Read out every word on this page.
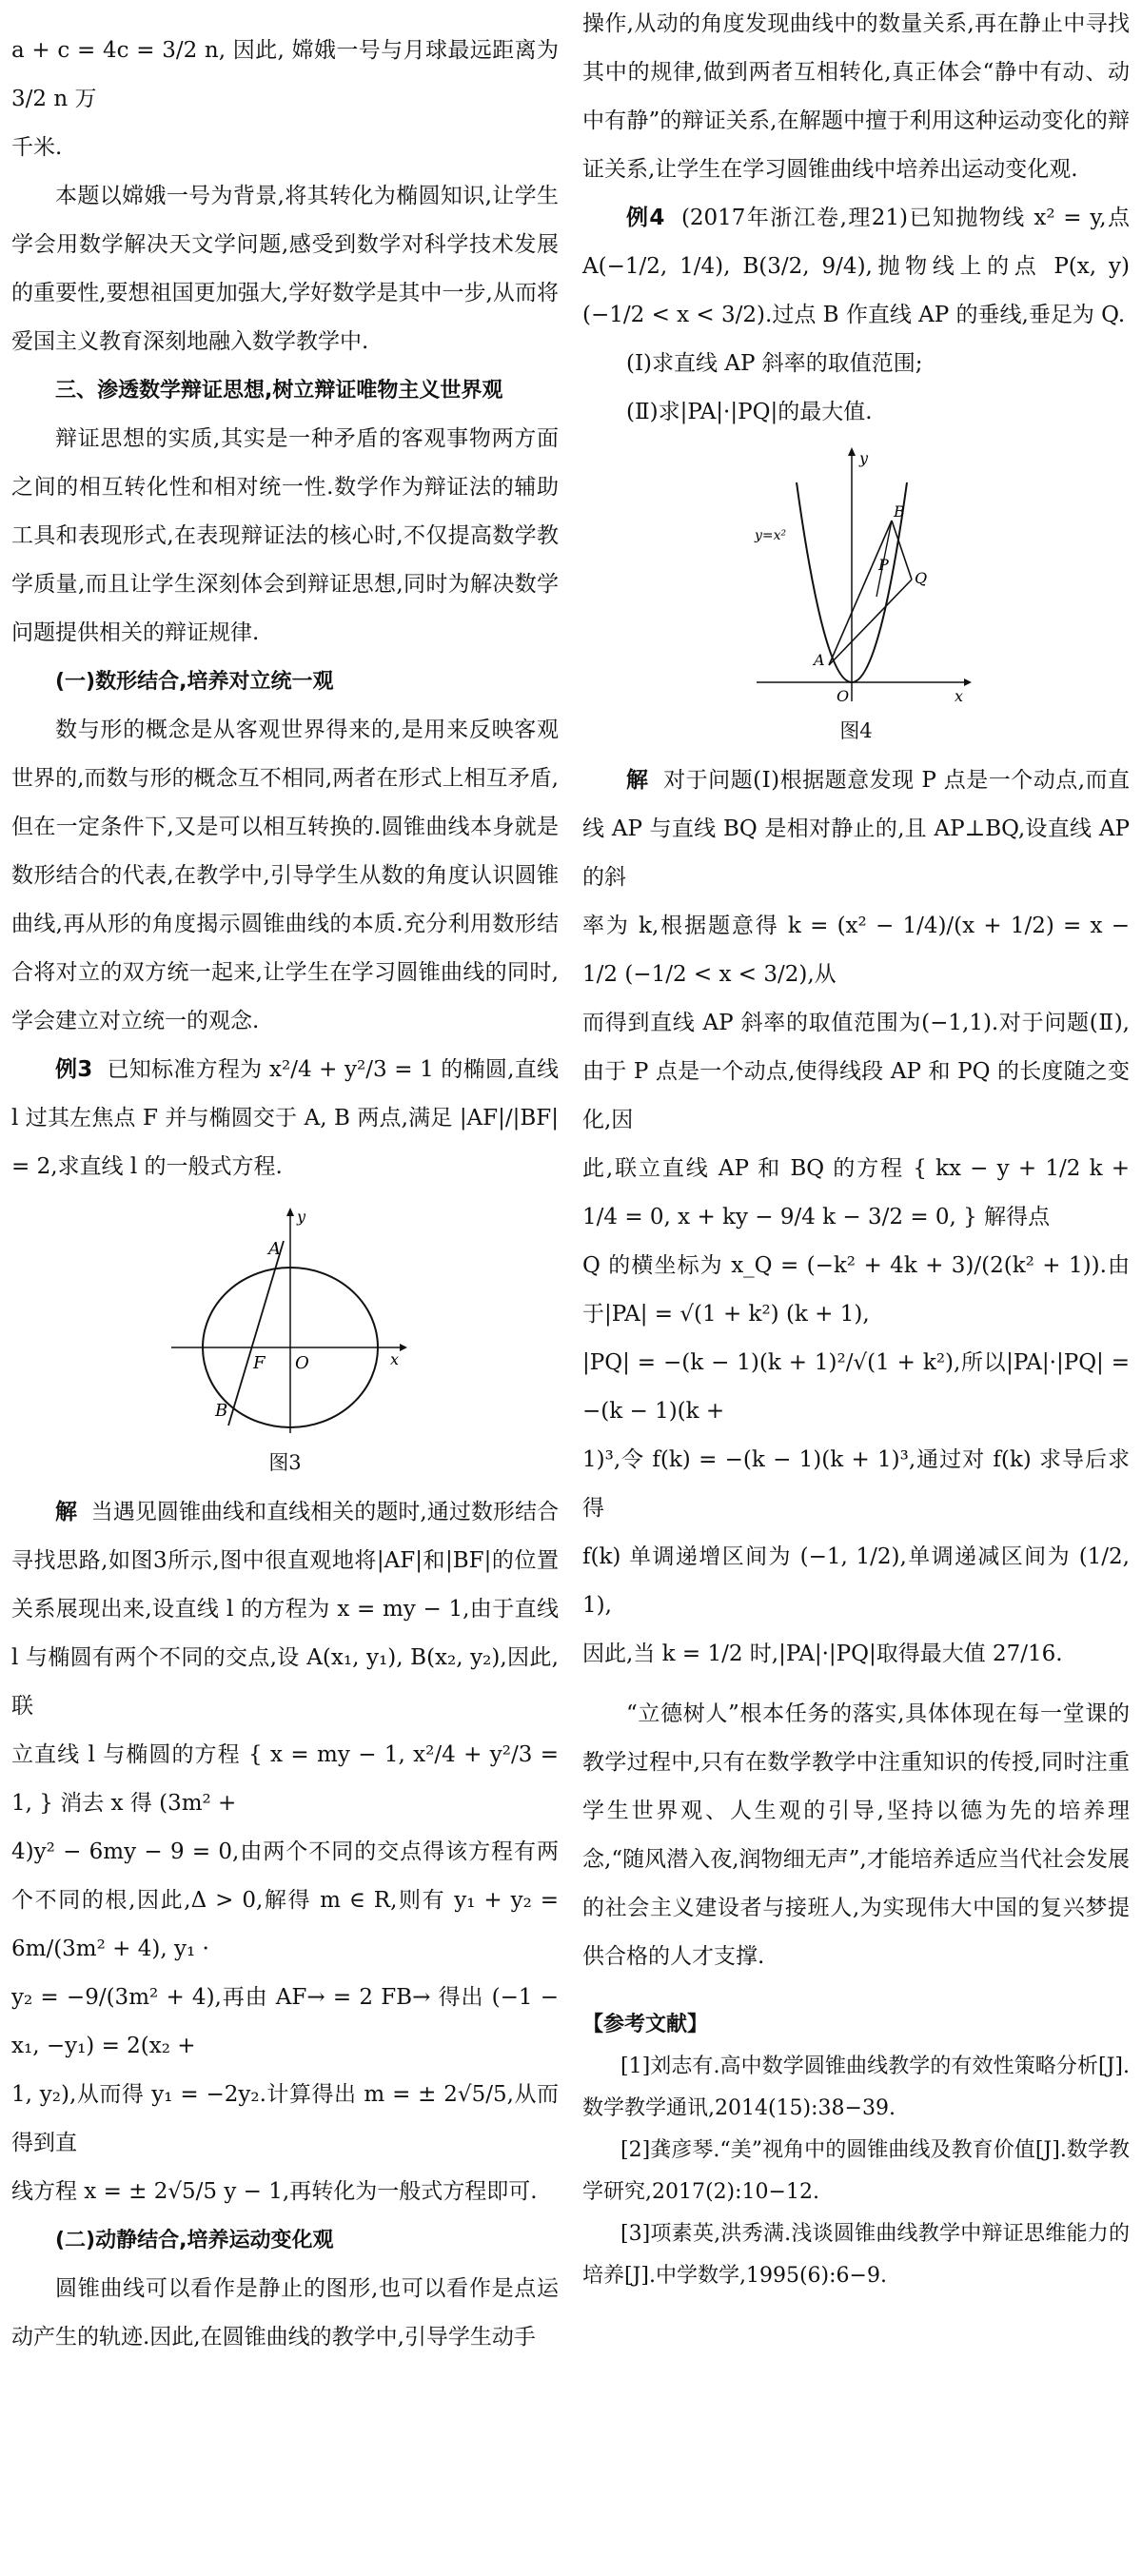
a + c = 4c = 3/2 n, 因此, 嫦娥一号与月球最远距离为 3/2 n 万

千米.

本题以嫦娥一号为背景,将其转化为椭圆知识,让学生学会用数学解决天文学问题,感受到数学对科学技术发展的重要性,要想祖国更加强大,学好数学是其中一步,从而将爱国主义教育深刻地融入数学教学中.

三、渗透数学辩证思想,树立辩证唯物主义世界观

辩证思想的实质,其实是一种矛盾的客观事物两方面之间的相互转化性和相对统一性.数学作为辩证法的辅助工具和表现形式,在表现辩证法的核心时,不仅提高数学教学质量,而且让学生深刻体会到辩证思想,同时为解决数学问题提供相关的辩证规律.

(一)数形结合,培养对立统一观

数与形的概念是从客观世界得来的,是用来反映客观世界的,而数与形的概念互不相同,两者在形式上相互矛盾,但在一定条件下,又是可以相互转换的.圆锥曲线本身就是数形结合的代表,在教学中,引导学生从数的角度认识圆锥曲线,再从形的角度揭示圆锥曲线的本质.充分利用数形结合将对立的双方统一起来,让学生在学习圆锥曲线的同时,学会建立对立统一的观念.

例3 已知标准方程为 x²/4 + y²/3 = 1 的椭圆,直线 l 过其左焦点 F 并与椭圆交于 A, B 两点,满足 |AF|/|BF| = 2,求直线 l 的一般式方程.

A
F O
B
x
y

图3

解 当遇见圆锥曲线和直线相关的题时,通过数形结合寻找思路,如图3所示,图中很直观地将|AF|和|BF|的位置关系展现出来,设直线 l 的方程为 x = my − 1,由于直线 l 与椭圆有两个不同的交点,设 A(x₁, y₁), B(x₂, y₂),因此,联

立直线 l 与椭圆的方程 { x = my − 1, x²/4 + y²/3 = 1, } 消去 x 得 (3m² +

4)y² − 6my − 9 = 0,由两个不同的交点得该方程有两个不同的根,因此,Δ > 0,解得 m ∈ R,则有 y₁ + y₂ = 6m/(3m² + 4), y₁ ·

y₂ = −9/(3m² + 4),再由 AF→ = 2 FB→ 得出 (−1 − x₁, −y₁) = 2(x₂ +

1, y₂),从而得 y₁ = −2y₂.计算得出 m = ± 2√5/5,从而得到直

线方程 x = ± 2√5/5 y − 1,再转化为一般式方程即可.

(二)动静结合,培养运动变化观

圆锥曲线可以看作是静止的图形,也可以看作是点运动产生的轨迹.因此,在圆锥曲线的教学中,引导学生动手

操作,从动的角度发现曲线中的数量关系,再在静止中寻找其中的规律,做到两者互相转化,真正体会“静中有动、动中有静”的辩证关系,在解题中擅于利用这种运动变化的辩证关系,让学生在学习圆锥曲线中培养出运动变化观.

例4 (2017年浙江卷,理21)已知抛物线 x² = y,点 A(−1/2, 1/4), B(3/2, 9/4),抛物线上的点 P(x, y) (−1/2 < x < 3/2).过点 B 作直线 AP 的垂线,垂足为 Q.

(Ⅰ)求直线 AP 斜率的取值范围;

(Ⅱ)求|PA|·|PQ|的最大值.

y
y=x²
B
P
Q
A
O	x

图4

解 对于问题(Ⅰ)根据题意发现 P 点是一个动点,而直线 AP 与直线 BQ 是相对静止的,且 AP⊥BQ,设直线 AP 的斜

率为 k,根据题意得 k = (x² − 1/4)/(x + 1/2) = x − 1/2 (−1/2 < x < 3/2),从

而得到直线 AP 斜率的取值范围为(−1,1).对于问题(Ⅱ),由于 P 点是一个动点,使得线段 AP 和 PQ 的长度随之变化,因

此,联立直线 AP 和 BQ 的方程 { kx − y + 1/2 k + 1/4 = 0, x + ky − 9/4 k − 3/2 = 0, } 解得点

Q 的横坐标为 x_Q = (−k² + 4k + 3)/(2(k² + 1)).由于|PA| = √(1 + k²) (k + 1),

|PQ| = −(k − 1)(k + 1)²/√(1 + k²),所以|PA|·|PQ| = −(k − 1)(k +

1)³,令 f(k) = −(k − 1)(k + 1)³,通过对 f(k) 求导后求得

f(k) 单调递增区间为 (−1, 1/2),单调递减区间为 (1/2, 1),

因此,当 k = 1/2 时,|PA|·|PQ|取得最大值 27/16.

“立德树人”根本任务的落实,具体体现在每一堂课的教学过程中,只有在数学教学中注重知识的传授,同时注重学生世界观、人生观的引导,坚持以德为先的培养理念,“随风潜入夜,润物细无声”,才能培养适应当代社会发展的社会主义建设者与接班人,为实现伟大中国的复兴梦提供合格的人才支撑.

【参考文献】
[1]刘志有.高中数学圆锥曲线教学的有效性策略分析[J].数学教学通讯,2014(15):38−39.
[2]龚彦琴.“美”视角中的圆锥曲线及教育价值[J].数学教学研究,2017(2):10−12.
[3]项素英,洪秀满.浅谈圆锥曲线教学中辩证思维能力的培养[J].中学数学,1995(6):6−9.
